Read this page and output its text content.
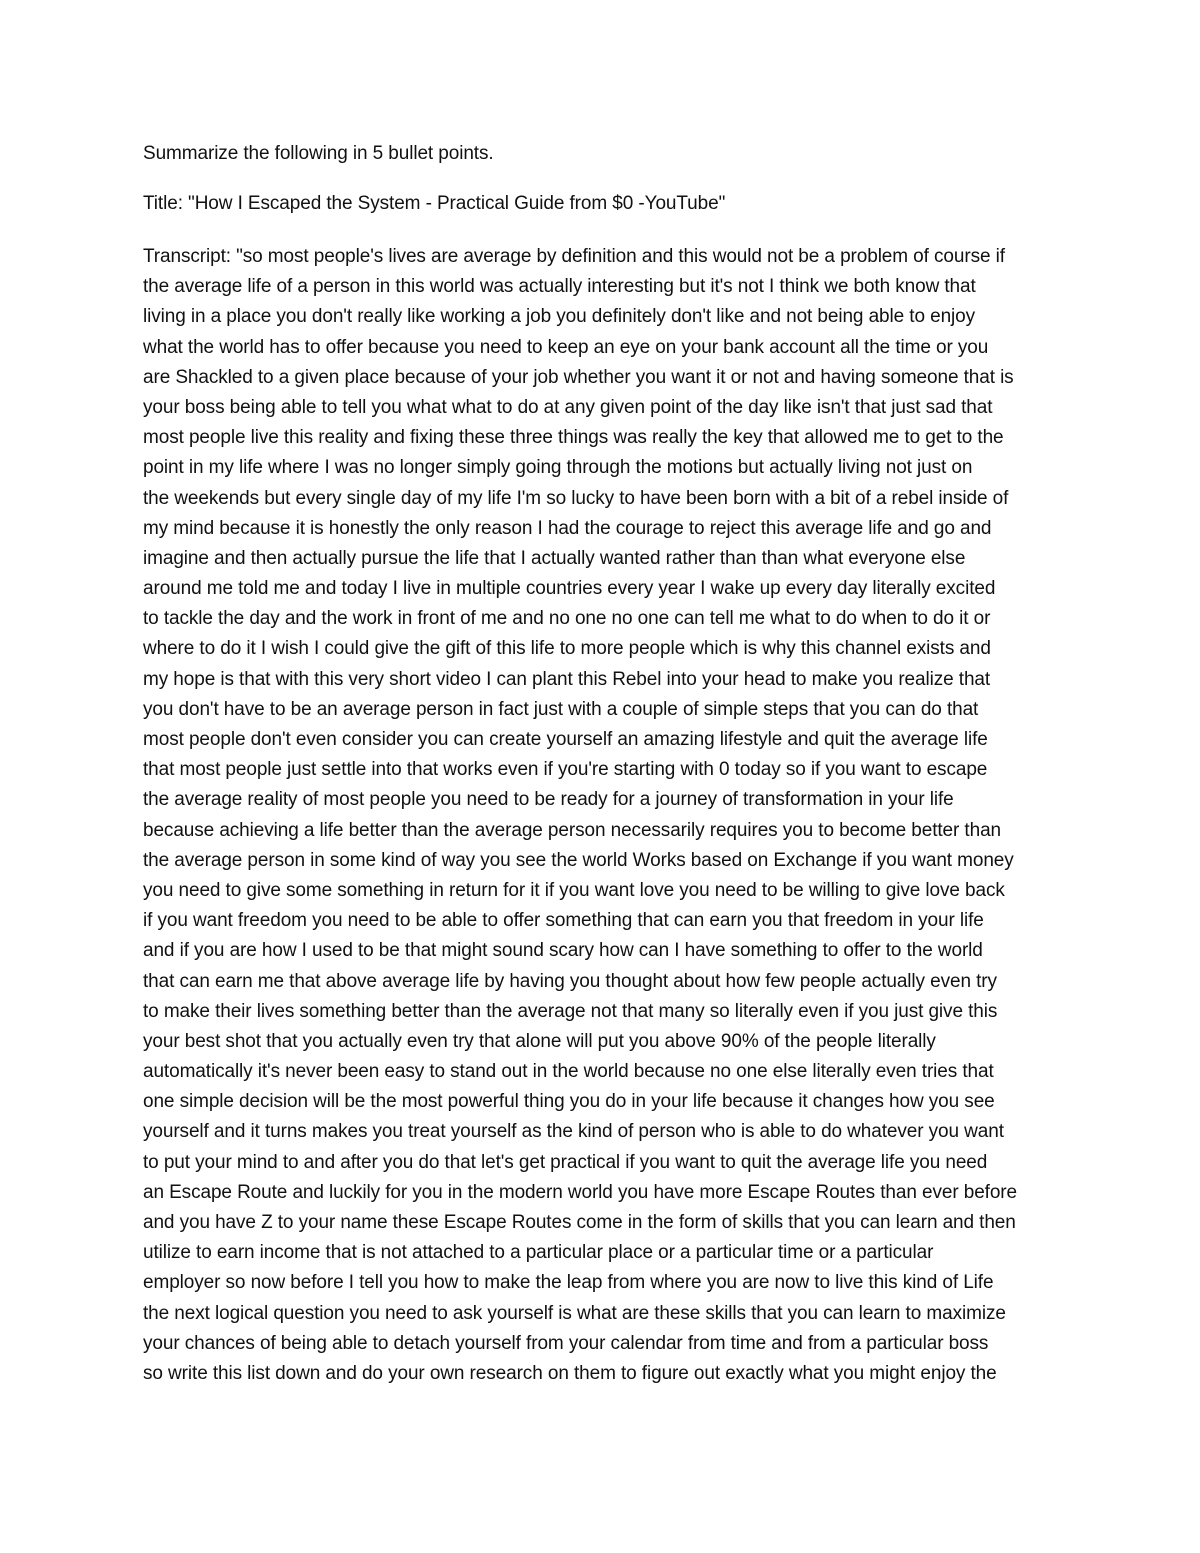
Summarize the following in 5 bullet points.
Title: "How I Escaped the System - Practical Guide from $0 -YouTube"
Transcript: "so most people's lives are average by definition and this would not be a problem of course if
the average life of a person in this world was actually interesting but it's not I think we both know that
living in a place you don't really like working a job you definitely don't like and not being able to enjoy
what the world has to offer because you need to keep an eye on your bank account all the time or you
are Shackled to a given place because of your job whether you want it or not and having someone that is
your boss being able to tell you what what to do at any given point of the day like isn't that just sad that
most people live this reality and fixing these three things was really the key that allowed me to get to the
point in my life where I was no longer simply going through the motions but actually living not just on
the weekends but every single day of my life I'm so lucky to have been born with a bit of a rebel inside of
my mind because it is honestly the only reason I had the courage to reject this average life and go and
imagine and then actually pursue the life that I actually wanted rather than than what everyone else
around me told me and today I live in multiple countries every year I wake up every day literally excited
to tackle the day and the work in front of me and no one no one can tell me what to do when to do it or
where to do it I wish I could give the gift of this life to more people which is why this channel exists and
my hope is that with this very short video I can plant this Rebel into your head to make you realize that
you don't have to be an average person in fact just with a couple of simple steps that you can do that
most people don't even consider you can create yourself an amazing lifestyle and quit the average life
that most people just settle into that works even if you're starting with 0 today so if you want to escape
the average reality of most people you need to be ready for a journey of transformation in your life
because achieving a life better than the average person necessarily requires you to become better than
the average person in some kind of way you see the world Works based on Exchange if you want money
you need to give some something in return for it if you want love you need to be willing to give love back
if you want freedom you need to be able to offer something that can earn you that freedom in your life
and if you are how I used to be that might sound scary how can I have something to offer to the world
that can earn me that above average life by having you thought about how few people actually even try
to make their lives something better than the average not that many so literally even if you just give this
your best shot that you actually even try that alone will put you above 90% of the people literally
automatically it's never been easy to stand out in the world because no one else literally even tries that
one simple decision will be the most powerful thing you do in your life because it changes how you see
yourself and it turns makes you treat yourself as the kind of person who is able to do whatever you want
to put your mind to and after you do that let's get practical if you want to quit the average life you need
an Escape Route and luckily for you in the modern world you have more Escape Routes than ever before
and you have Z to your name these Escape Routes come in the form of skills that you can learn and then
utilize to earn income that is not attached to a particular place or a particular time or a particular
employer so now before I tell you how to make the leap from where you are now to live this kind of Life
the next logical question you need to ask yourself is what are these skills that you can learn to maximize
your chances of being able to detach yourself from your calendar from time and from a particular boss
so write this list down and do your own research on them to figure out exactly what you might enjoy the
